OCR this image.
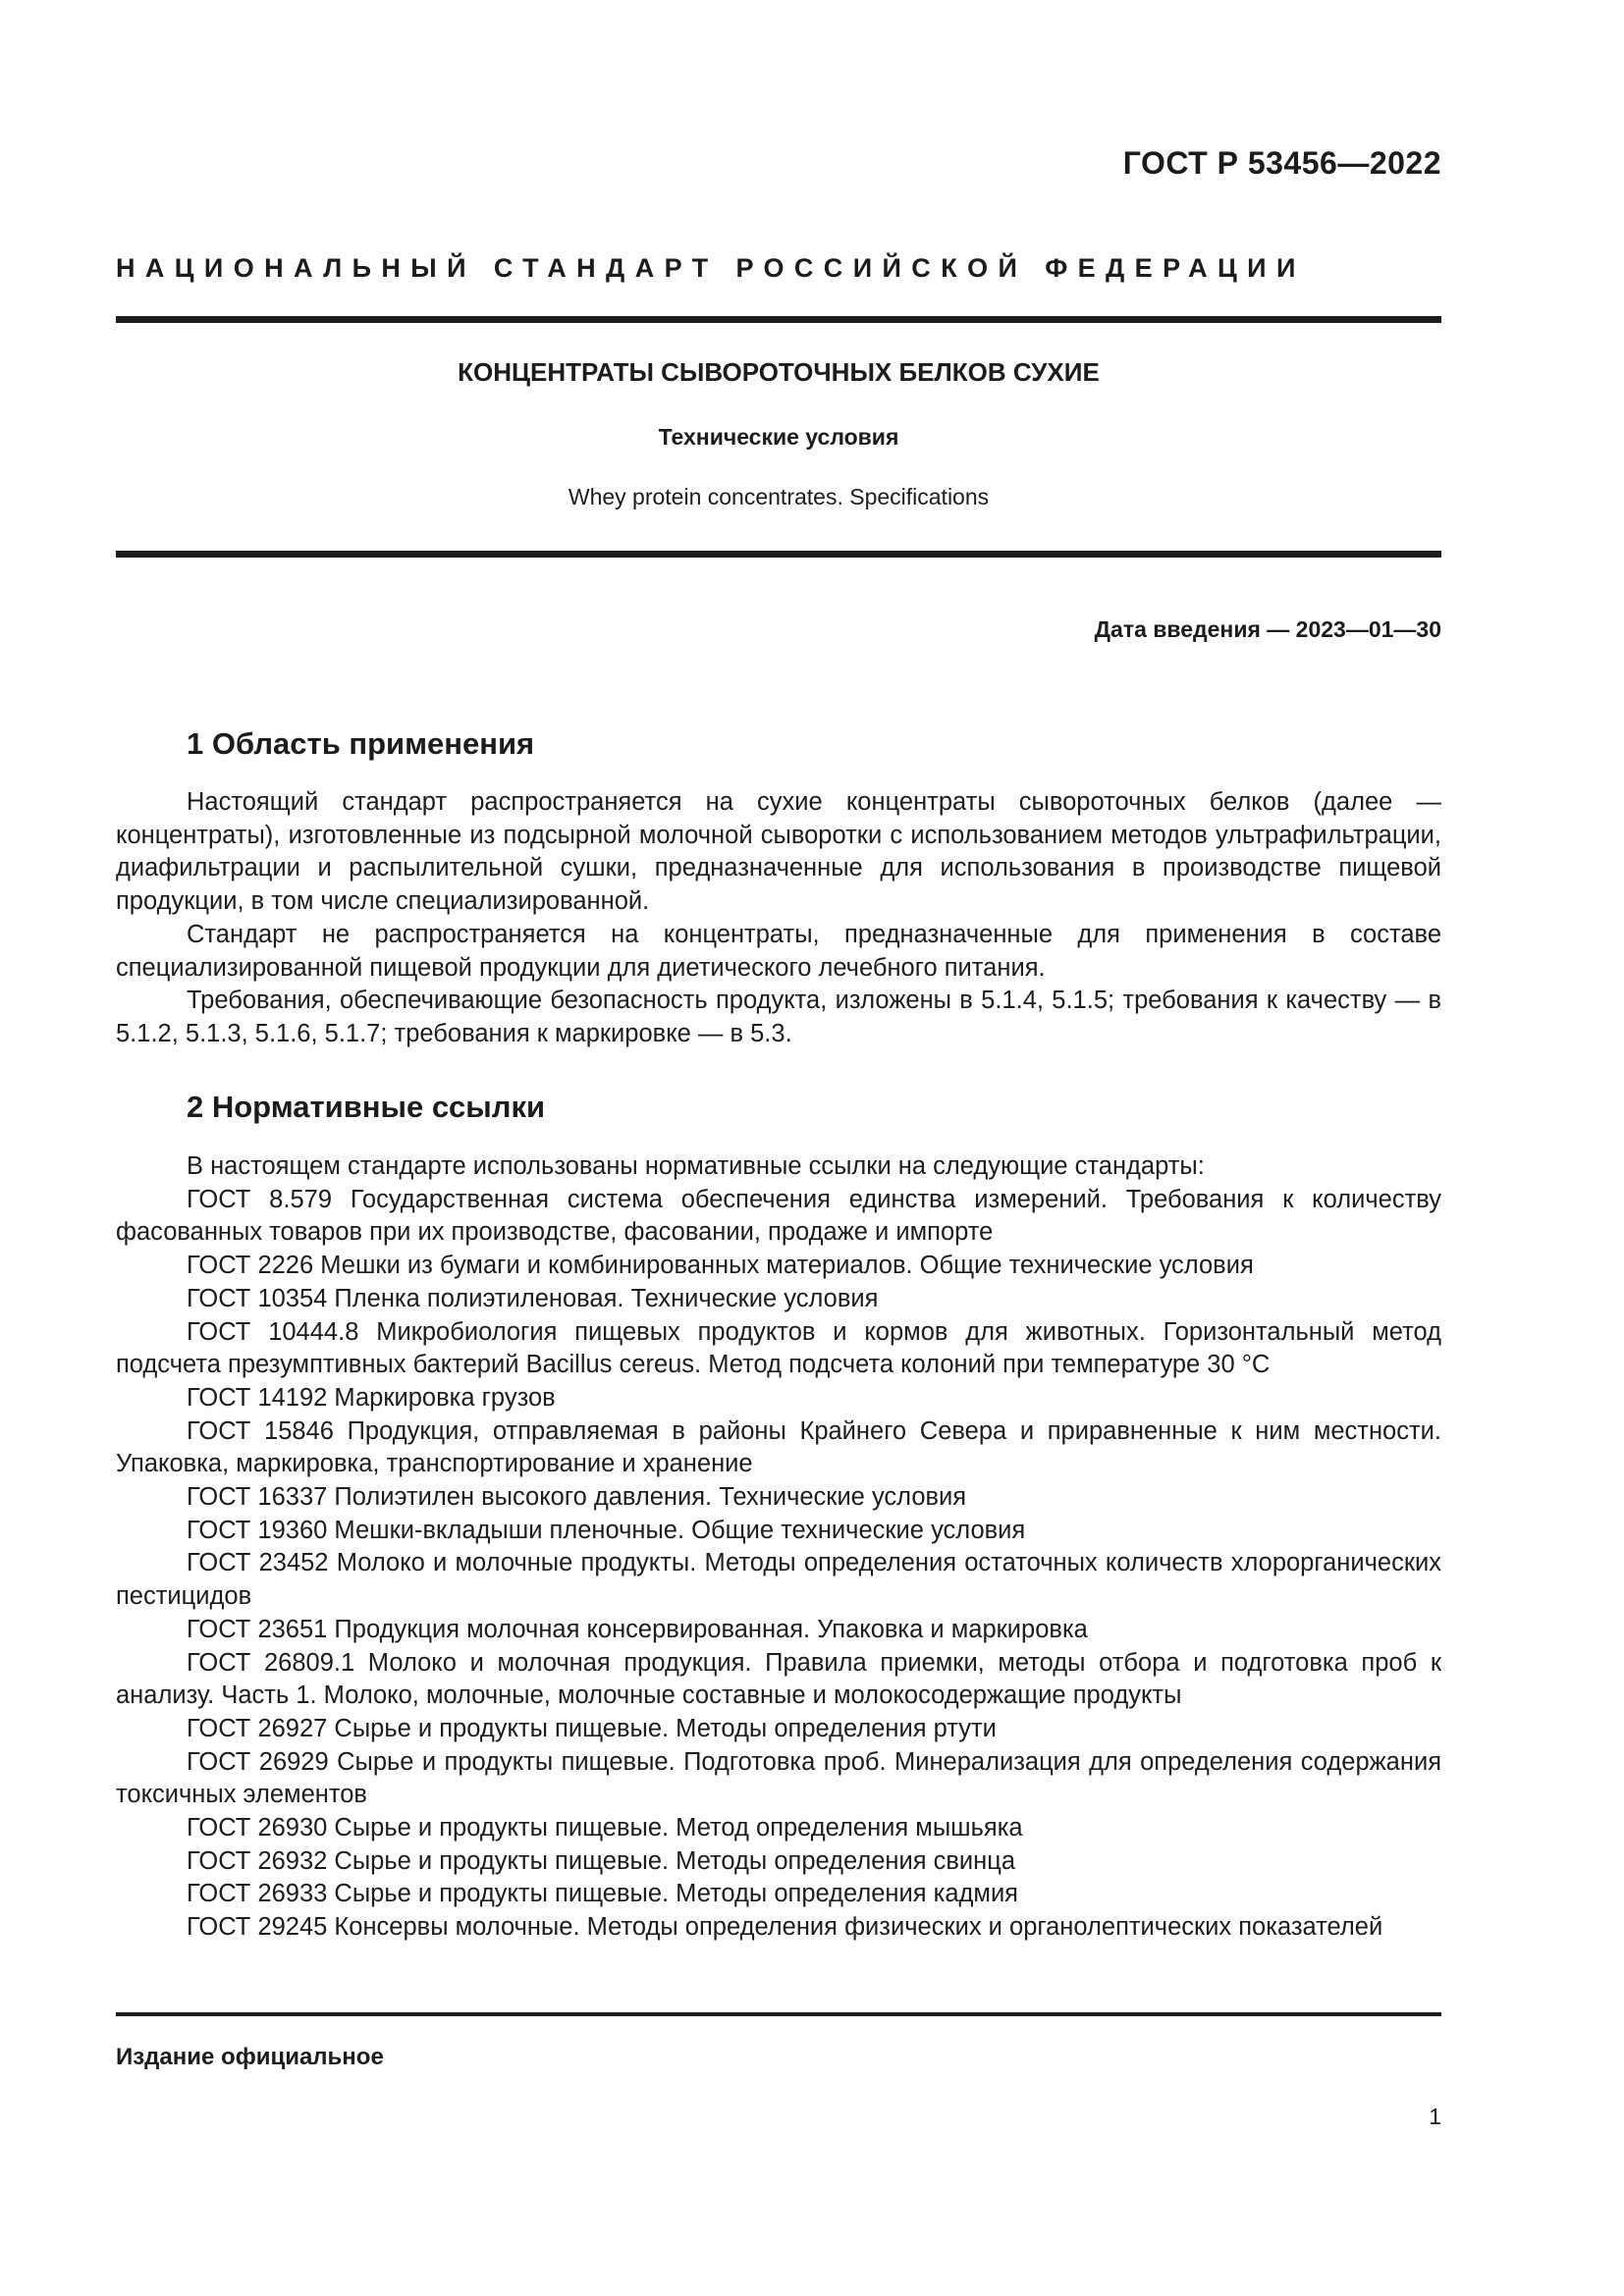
ГОСТ Р 53456—2022
НАЦИОНАЛЬНЫЙ СТАНДАРТ РОССИЙСКОЙ ФЕДЕРАЦИИ
КОНЦЕНТРАТЫ СЫВОРОТОЧНЫХ БЕЛКОВ СУХИЕ
Технические условия
Whey protein concentrates. Specifications
Дата введения — 2023—01—30
1 Область применения

Настоящий стандарт распространяется на сухие концентраты сывороточных белков (далее — концентраты), изготовленные из подсырной молочной сыворотки с использованием методов ультрафильтрации, диафильтрации и распылительной сушки, предназначенные для использования в производстве пищевой продукции, в том числе специализированной.

Стандарт не распространяется на концентраты, предназначенные для применения в составе специализированной пищевой продукции для диетического лечебного питания.

Требования, обеспечивающие безопасность продукта, изложены в 5.1.4, 5.1.5; требования к качеству — в 5.1.2, 5.1.3, 5.1.6, 5.1.7; требования к маркировке — в 5.3.

2 Нормативные ссылки

В настоящем стандарте использованы нормативные ссылки на следующие стандарты:

ГОСТ 8.579 Государственная система обеспечения единства измерений. Требования к количеству фасованных товаров при их производстве, фасовании, продаже и импорте

ГОСТ 2226 Мешки из бумаги и комбинированных материалов. Общие технические условия

ГОСТ 10354 Пленка полиэтиленовая. Технические условия

ГОСТ 10444.8 Микробиология пищевых продуктов и кормов для животных. Горизонтальный метод подсчета презумптивных бактерий Bacillus cereus. Метод подсчета колоний при температуре 30 °С

ГОСТ 14192 Маркировка грузов

ГОСТ 15846 Продукция, отправляемая в районы Крайнего Севера и приравненные к ним местности. Упаковка, маркировка, транспортирование и хранение

ГОСТ 16337 Полиэтилен высокого давления. Технические условия

ГОСТ 19360 Мешки-вкладыши пленочные. Общие технические условия

ГОСТ 23452 Молоко и молочные продукты. Методы определения остаточных количеств хлорорганических пестицидов

ГОСТ 23651 Продукция молочная консервированная. Упаковка и маркировка

ГОСТ 26809.1 Молоко и молочная продукция. Правила приемки, методы отбора и подготовка проб к анализу. Часть 1. Молоко, молочные, молочные составные и молокосодержащие продукты

ГОСТ 26927 Сырье и продукты пищевые. Методы определения ртути

ГОСТ 26929 Сырье и продукты пищевые. Подготовка проб. Минерализация для определения содержания токсичных элементов

ГОСТ 26930 Сырье и продукты пищевые. Метод определения мышьяка

ГОСТ 26932 Сырье и продукты пищевые. Методы определения свинца

ГОСТ 26933 Сырье и продукты пищевые. Методы определения кадмия

ГОСТ 29245 Консервы молочные. Методы определения физических и органолептических показателей

Издание официальное
1
